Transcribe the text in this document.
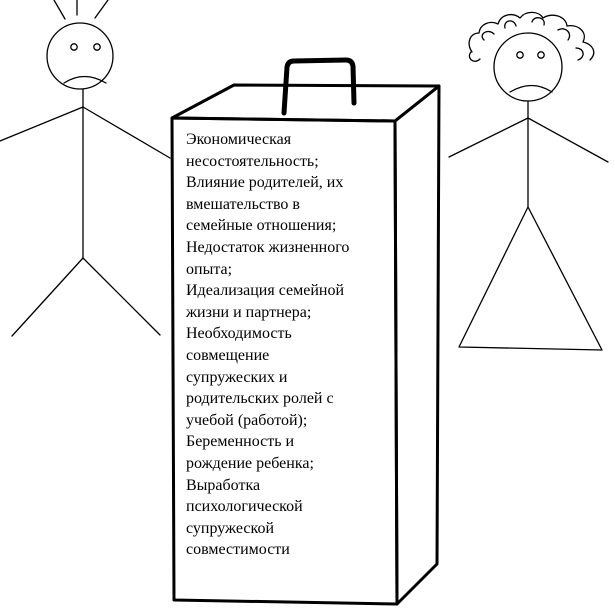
Экономическая
несостоятельность;
Влияние родителей, их
вмешательство в
семейные отношения;
Недостаток жизненного
опыта;
Идеализация семейной
жизни и партнера;
Необходимость
совмещение
супружеских и
родительских ролей с
учебой (работой);
Беременность и
рождение ребенка;
Выработка
психологической
супружеской
совместимости
